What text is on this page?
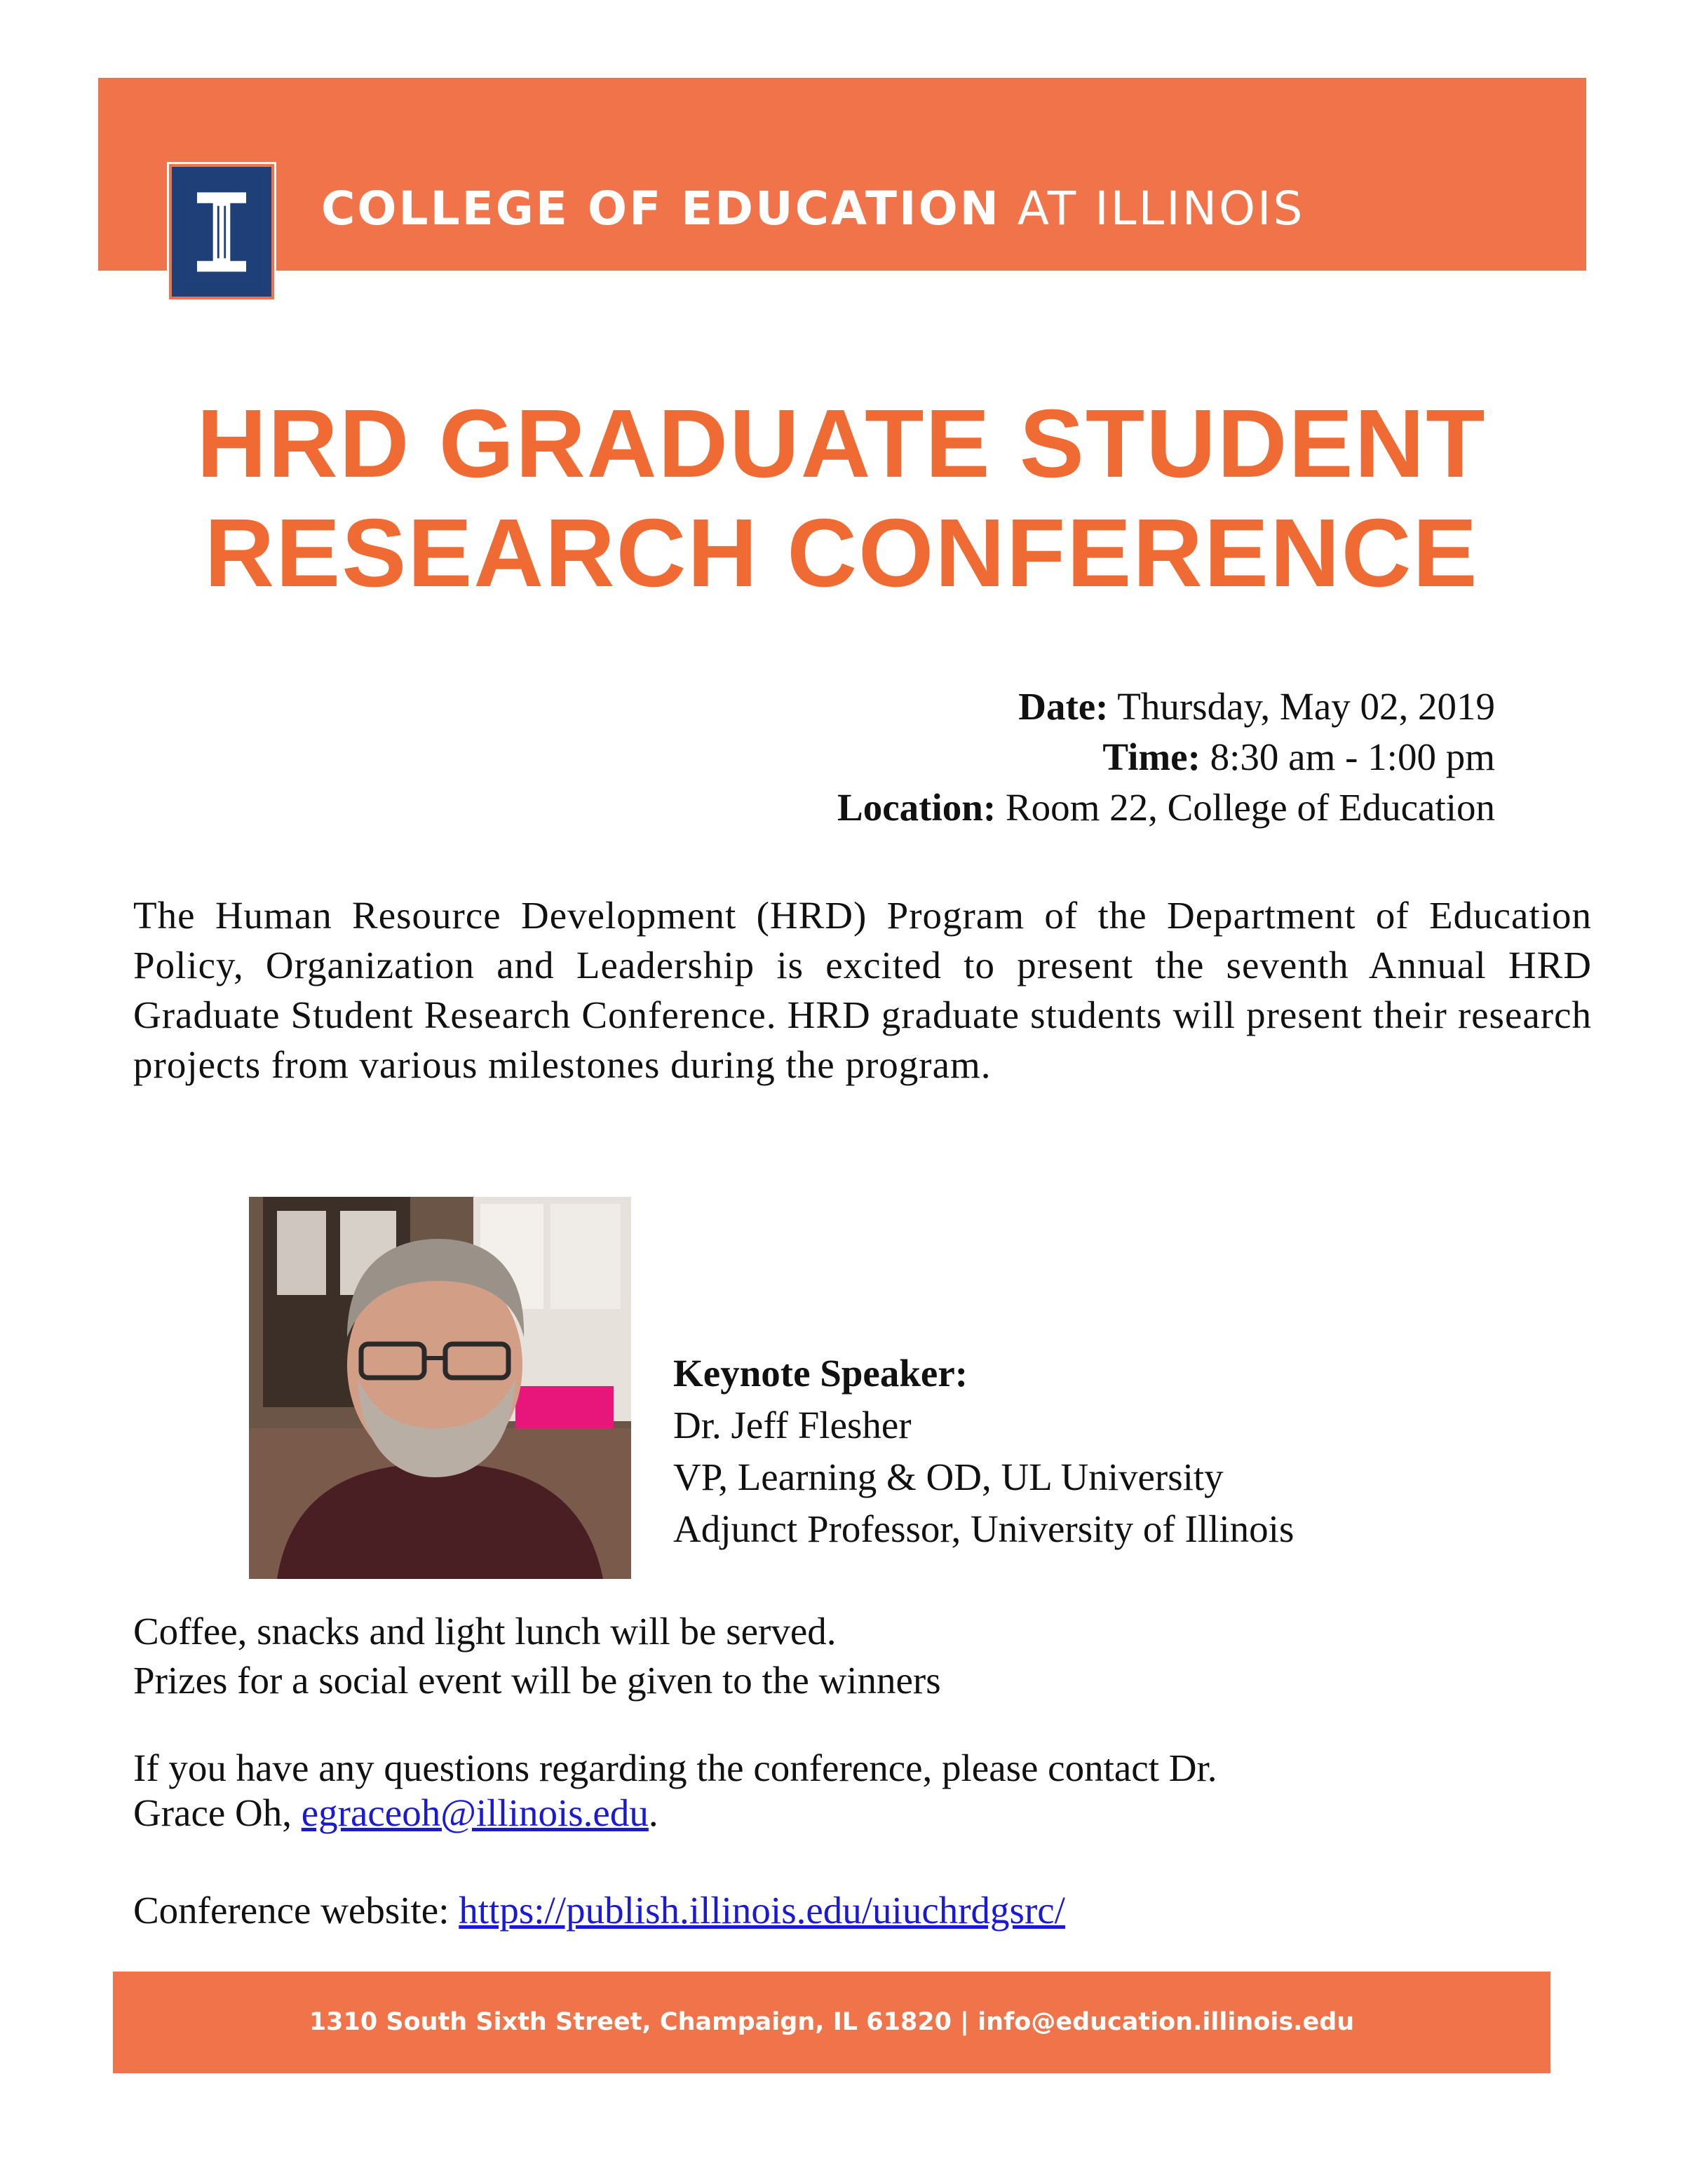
COLLEGE OF EDUCATION AT ILLINOIS
HRD GRADUATE STUDENT
RESEARCH CONFERENCE
Date: Thursday, May 02, 2019
Time: 8:30 am - 1:00 pm
Location: Room 22, College of Education
The Human Resource Development (HRD) Program of the Department of Education Policy, Organization and Leadership is excited to present the seventh Annual HRD Graduate Student Research Conference. HRD graduate students will present their research projects from various milestones during the program.
Keynote Speaker:
Dr. Jeff Flesher
VP, Learning & OD, UL University
Adjunct Professor, University of Illinois
Coffee, snacks and light lunch will be served.
Prizes for a social event will be given to the winners
If you have any questions regarding the conference, please contact Dr.
Grace Oh, egraceoh@illinois.edu.
Conference website: https://publish.illinois.edu/uiuchrdgsrc/
1310 South Sixth Street, Champaign, IL 61820 | info@education.illinois.edu
